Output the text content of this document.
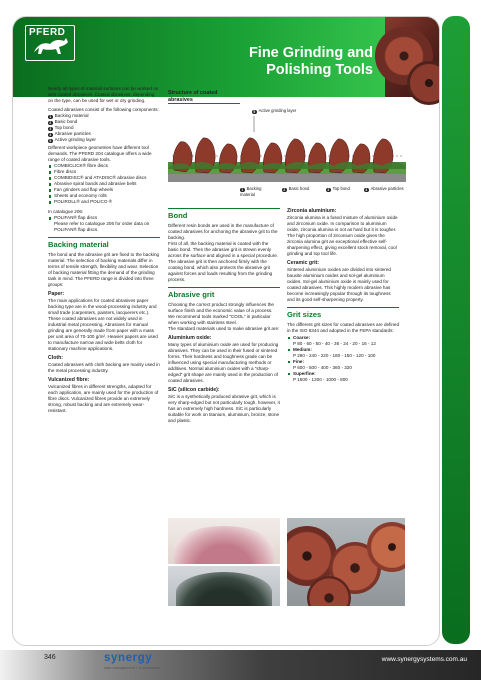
PFERD
Fine Grinding and Polishing Tools

Nearly all types of material surfaces can be worked on with coated abrasives. Coated abrasives, depending on the type, can be used for wet or dry grinding.

Coated abrasives consist of the following components:

1 Backing material
2 Basic bond
3 Top bond
4 Abrasive particles
5 Active grinding layer

Different workpiece geometries have different tool demands. The PFERD 204 catalogue offers a wide range of coated abrasive tools.

COMBICLICK® fibre discs
Fibre discs
COMBIDISC® and ATADISC® abrasive discs
Abrasive spiral bands and abrasive belts
Fan grinders and flap wheels
Sheets and economy rolls
POLIROLL® and POLICO ®

In catalogue 206:

POLIFAN® flap discs

Please refer to catalogue 206 for order data on POLIFAN® flap discs.

Backing material

The bond and the abrasive grit are fixed to the backing material. The selection of backing materials differ in terms of tensile strength, flexibility and wear. Selection of backing material fitting the demand of the grinding task in mind. The PFERD range is divided into three groups:

Paper:

The main applications for coated abrasives paper backing type are in the wood-processing industry and small trade (carpenters, painters, lacquerers etc.). These coated abrasives are not widely used in industrial metal processing. Abrasives for manual grinding are generally made from paper with a mass per unit area of 70-100 g/m². Heavier papers are used to manufacture narrow and wide belts cloth for stationary machine applications.

Cloth:

Coated abrasives with cloth backing are mainly used in the metal processing industry.

Vulcanized fibre:

Vulcanized fibres in different strengths, adapted for each application, are mainly used for the production of fibre discs. Vulcanized fibres provide an extremely strong, robust backing and are extremely wear-resistant.

Structure of coated abrasives
5 Active grinding layer
1 Backing material
2 Basic bond	3 Top bond	4 Abrasive particles
Bond

Different resin bonds are used in the manufacture of coated abrasives for anchoring the abrasive grit to the backing.

First of all, the backing material is coated with the basic bond. Then the abrasive grit is strewn evenly across the surface and aligned in a special procedure. The abrasive grit is then anchored firmly with the coating bond, which also protects the abrasive grit against forces and loads resulting from the grinding process.

Abrasive grit

Choosing the correct product strongly influences the surface finish and the economic value of a process. We recommend tools marked "COOL" in particular when working with stainless steel.

The standard materials used to make abrasive grit are:

Aluminium oxide:

Many types of aluminium oxide are used for producing abrasives. They can be used in their fused or sintered forms. Their hardness and toughness grade can be influenced using special manufacturing methods or additives. Normal aluminium oxides with a "sharp-edged" grit shape are mainly used in the production of coated abrasives.

SiC (silicon carbide):

SiC is a synthetically produced abrasive grit, which is very sharp-edged but not particularly tough, however, it has an extremely high hardness. SiC is particularly suitable for work on titanium, aluminium, bronze, stone and plastic.

Zirconia aluminium:

Zirconia alumina is a fused mixture of aluminium oxide and zirconium oxide. In comparison to aluminium oxide, zirconia alumina is not as hard but it is tougher. The high proportion of zirconium oxide gives the zirconia alumina grit an exceptional effective self-sharpening effect, giving excellent stock removal, cool grinding and top tool life.

Ceramic grit:

Sintered aluminium oxides are divided into sintered bauxite aluminium oxides and sol-gel aluminium oxides. Sol-gel aluminium oxide is mainly used for coated abrasives. This highly modern abrasive has become increasingly popular through its toughness and its good self-sharpening property.

Grit sizes

The different grit sizes for coated abrasives are defined in the ISO 6344 and adopted in the FEPA standards:

Coarse:
P 80 - 60 - 50 - 40 - 36 - 24 - 20 - 16 - 12
Medium:
P 280 - 240 - 220 - 180 - 150 - 120 - 100
Fine:
P 600 - 500 - 400 - 360 - 320
Superfine:
P 1500 - 1200 - 1000 - 800
346	synergy
data management + e-commerce
www.synergysystems.com.au
